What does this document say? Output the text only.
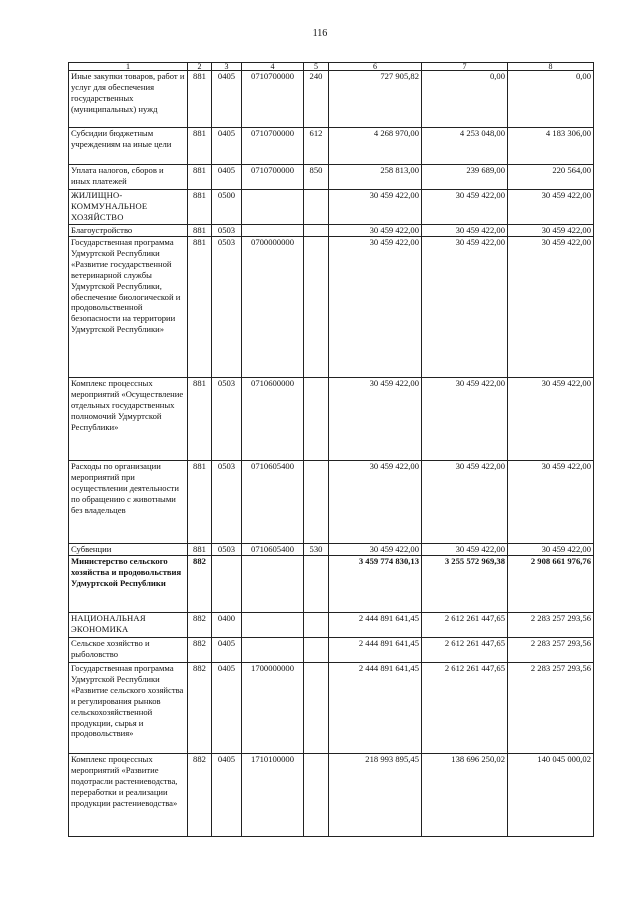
116
1	2	3	4	5	6	7	8
Иные закупки товаров, работ и услуг для обеспечения государственных (муниципальных) нужд	881	0405	0710700000	240	727 905,82	0,00	0,00
Субсидии бюджетным учреждениям на иные цели	881	0405	0710700000	612	4 268 970,00	4 253 048,00	4 183 306,00
Уплата налогов, сборов и иных платежей	881	0405	0710700000	850	258 813,00	239 689,00	220 564,00
ЖИЛИЩНО-КОММУНАЛЬНОЕ ХОЗЯЙСТВО	881	0500			30 459 422,00	30 459 422,00	30 459 422,00
Благоустройство	881	0503			30 459 422,00	30 459 422,00	30 459 422,00
Государственная программа Удмуртской Республики «Развитие государственной ветеринарной службы Удмуртской Республики, обеспечение биологической и продовольственной безопасности на территории Удмуртской Республики»	881	0503	0700000000		30 459 422,00	30 459 422,00	30 459 422,00
Комплекс процессных мероприятий «Осуществление отдельных государственных полномочий Удмуртской Республики»	881	0503	0710600000		30 459 422,00	30 459 422,00	30 459 422,00
Расходы по организации мероприятий при осуществлении деятельности по обращению с животными без владельцев	881	0503	0710605400		30 459 422,00	30 459 422,00	30 459 422,00
Субвенции	881	0503	0710605400	530	30 459 422,00	30 459 422,00	30 459 422,00
Министерство сельского хозяйства и продовольствия Удмуртской Республики	882				3 459 774 830,13	3 255 572 969,38	2 908 661 976,76
НАЦИОНАЛЬНАЯ ЭКОНОМИКА	882	0400			2 444 891 641,45	2 612 261 447,65	2 283 257 293,56
Сельское хозяйство и рыболовство	882	0405			2 444 891 641,45	2 612 261 447,65	2 283 257 293,56
Государственная программа Удмуртской Республики «Развитие сельского хозяйства и регулирования рынков сельскохозяйственной продукции, сырья и продовольствия»	882	0405	1700000000		2 444 891 641,45	2 612 261 447,65	2 283 257 293,56
Комплекс процессных мероприятий «Развитие подотрасли растениеводства, переработки и реализации продукции растениеводства»	882	0405	1710100000		218 993 895,45	138 696 250,02	140 045 000,02
